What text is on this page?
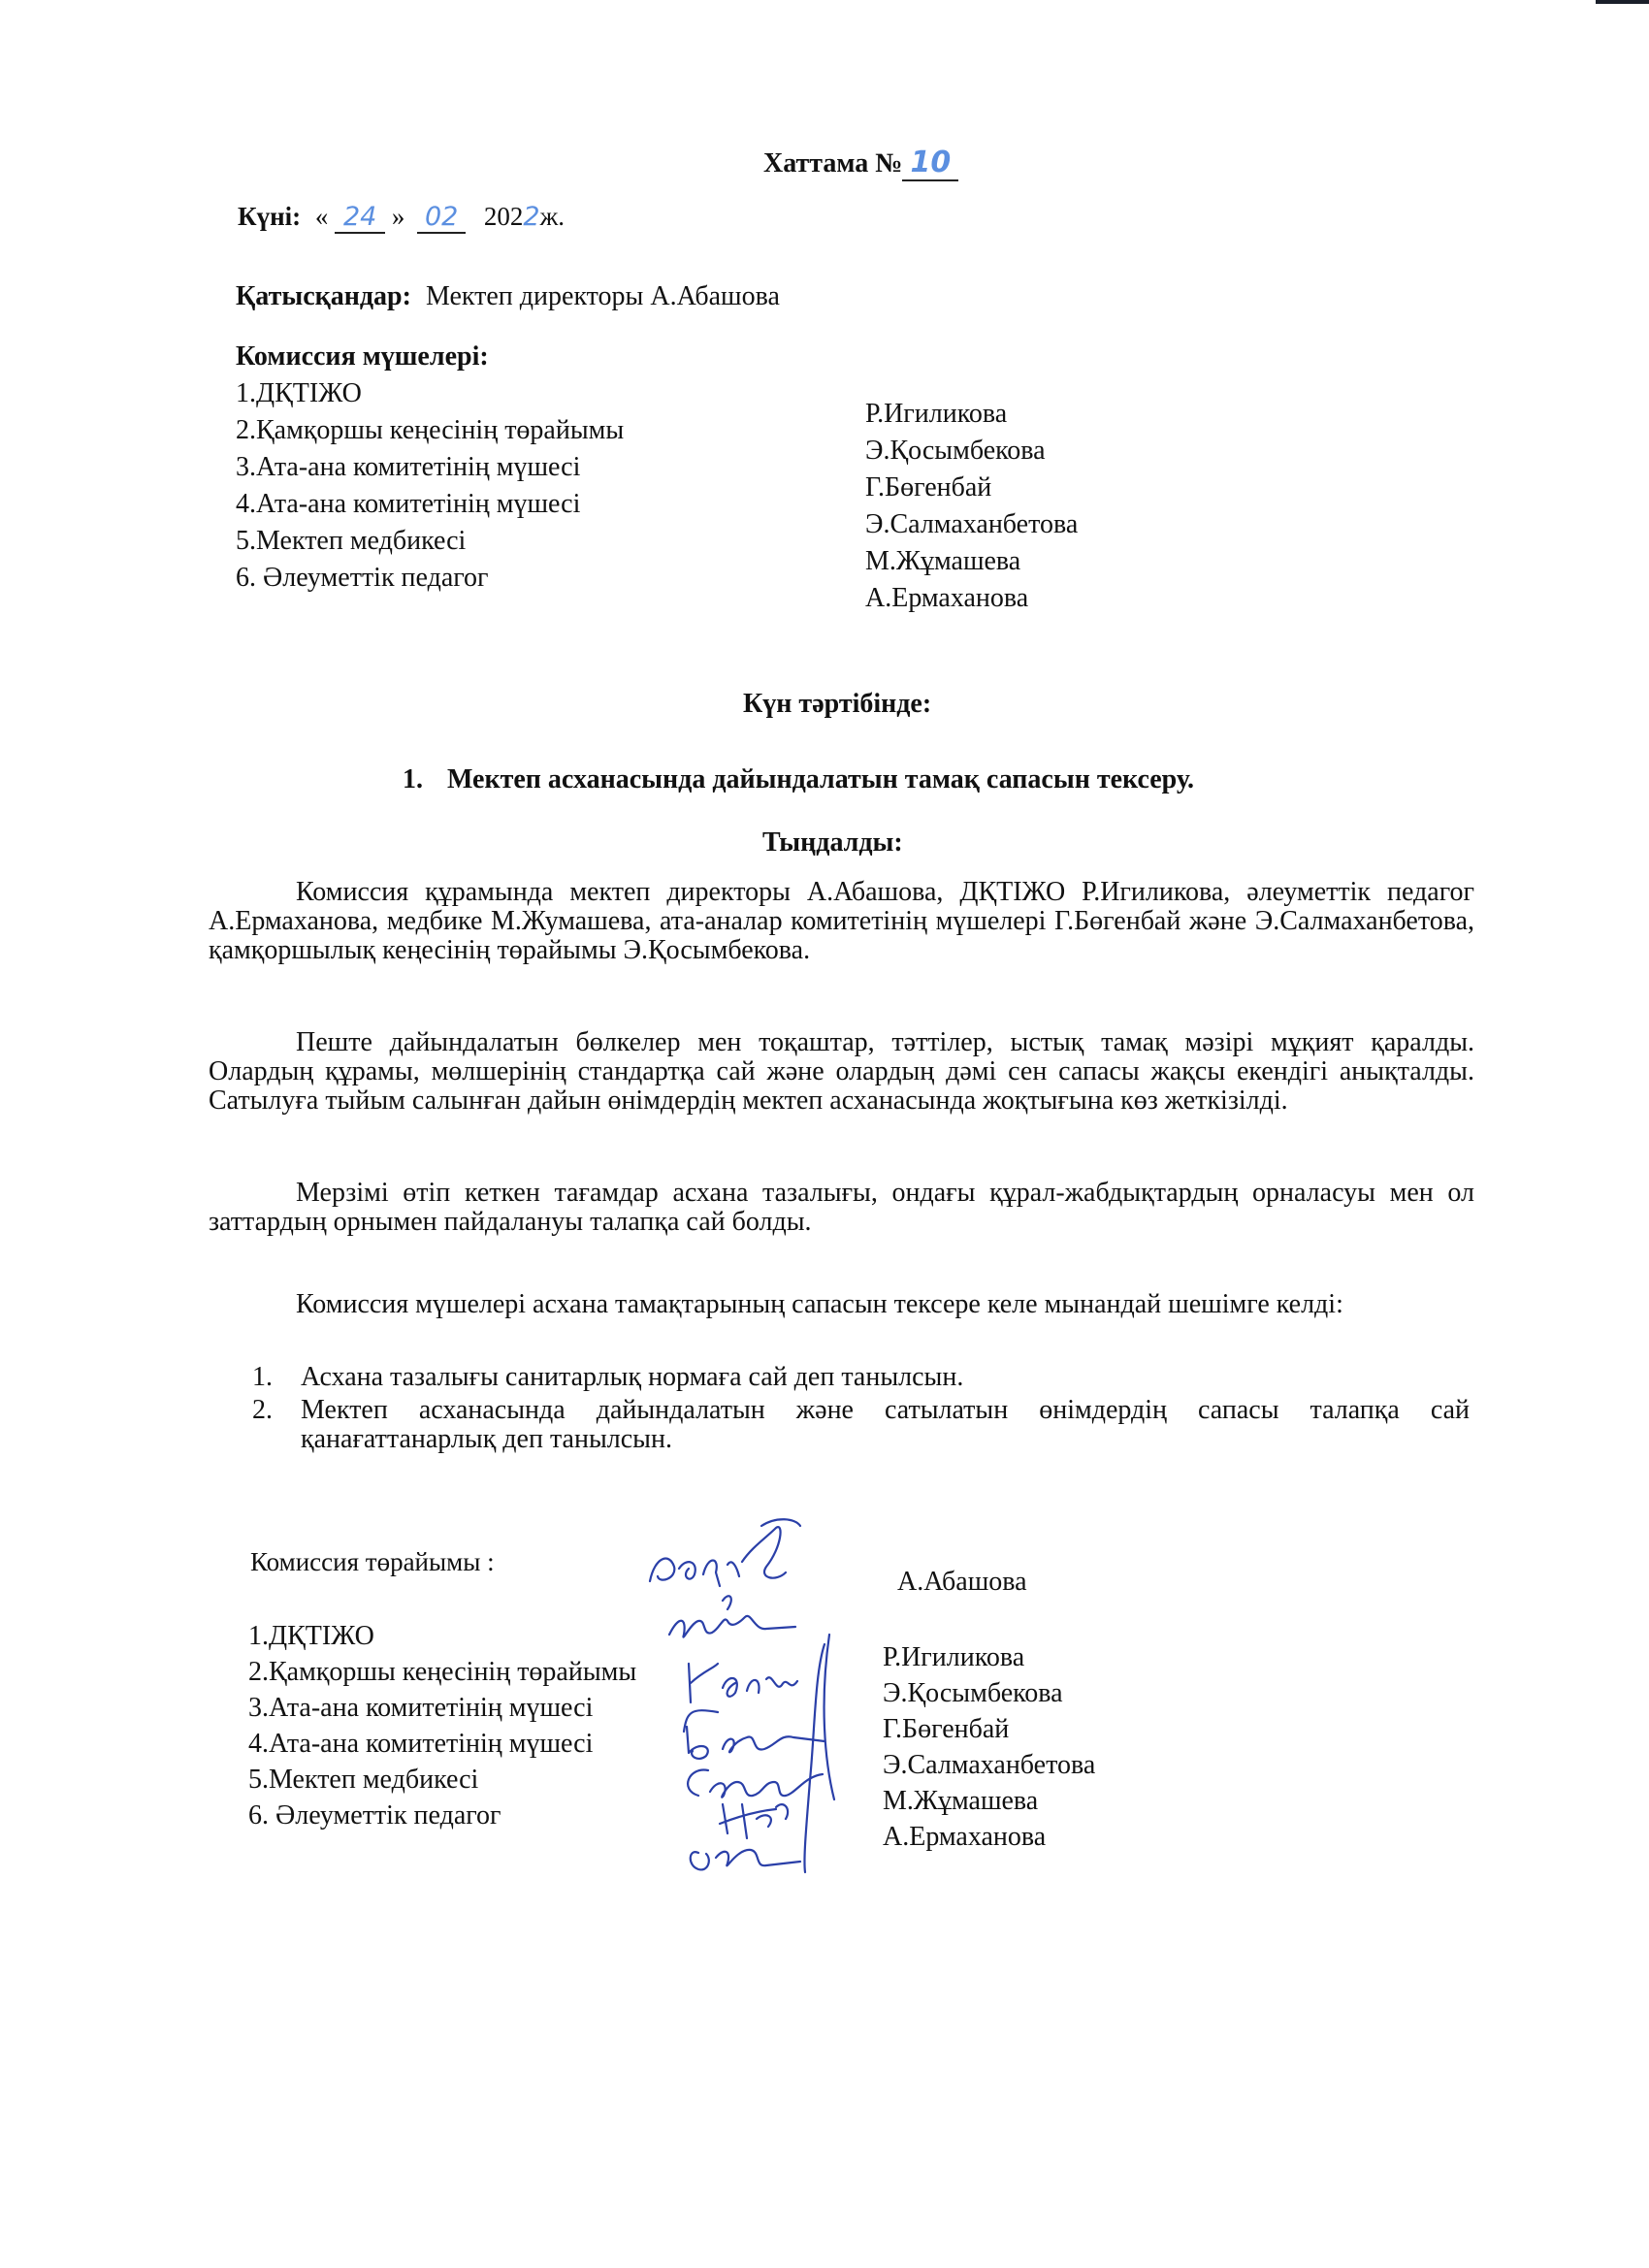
Хаттама № 10
Күні: « 24 » 02 2022ж.
Қатысқандар: Мектеп директоры А.Абашова
Комиссия мүшелері:
1.ДҚТІЖО
2.Қамқоршы кеңесінің төрайымы
3.Ата-ана комитетінің мүшесі
4.Ата-ана комитетінің мүшесі
5.Мектеп медбикесі
6. Әлеуметтік педагог
Р.Игиликова
Э.Қосымбекова
Г.Бөгенбай
Э.Салмаханбетова
М.Жұмашева
А.Ермаханова
Күн тәртібінде:
1. Мектеп асханасында дайындалатын тамақ сапасын тексеру.
Тыңдалды:
Комиссия құрамында мектеп директоры А.Абашова, ДҚТІЖО Р.Игиликова, әлеуметтік педагог А.Ермаханова, медбике М.Жумашева, ата-аналар комитетінің мүшелері Г.Бөгенбай және Э.Салмаханбетова, қамқоршылық кеңесінің төрайымы Э.Қосымбекова.
Пеште дайындалатын бөлкелер мен тоқаштар, тәттілер, ыстық тамақ мәзірі мұқият қаралды. Олардың құрамы, мөлшерінің стандартқа сай және олардың дәмі сен сапасы жақсы екендігі анықталды. Сатылуға тыйым салынған дайын өнімдердің мектеп асханасында жоқтығына көз жеткізілді.
Мерзімі өтіп кеткен тағамдар асхана тазалығы, ондағы құрал-жабдықтардың орналасуы мен ол заттардың орнымен пайдалануы талапқа сай болды.
Комиссия мүшелері асхана тамақтарының сапасын тексере келе мынандай шешімге келді:
1. Асхана тазалығы санитарлық нормаға сай деп танылсын.
2. Мектеп асханасында дайындалатын және сатылатын өнімдердің сапасы талапқа сай қанағаттанарлық деп танылсын.
Комиссия төрайымы :
А.Абашова
1.ДҚТІЖО
2.Қамқоршы кеңесінің төрайымы
3.Ата-ана комитетінің мүшесі
4.Ата-ана комитетінің мүшесі
5.Мектеп медбикесі
6. Әлеуметтік педагог
Р.Игиликова
Э.Қосымбекова
Г.Бөгенбай
Э.Салмаханбетова
М.Жұмашева
А.Ермаханова
